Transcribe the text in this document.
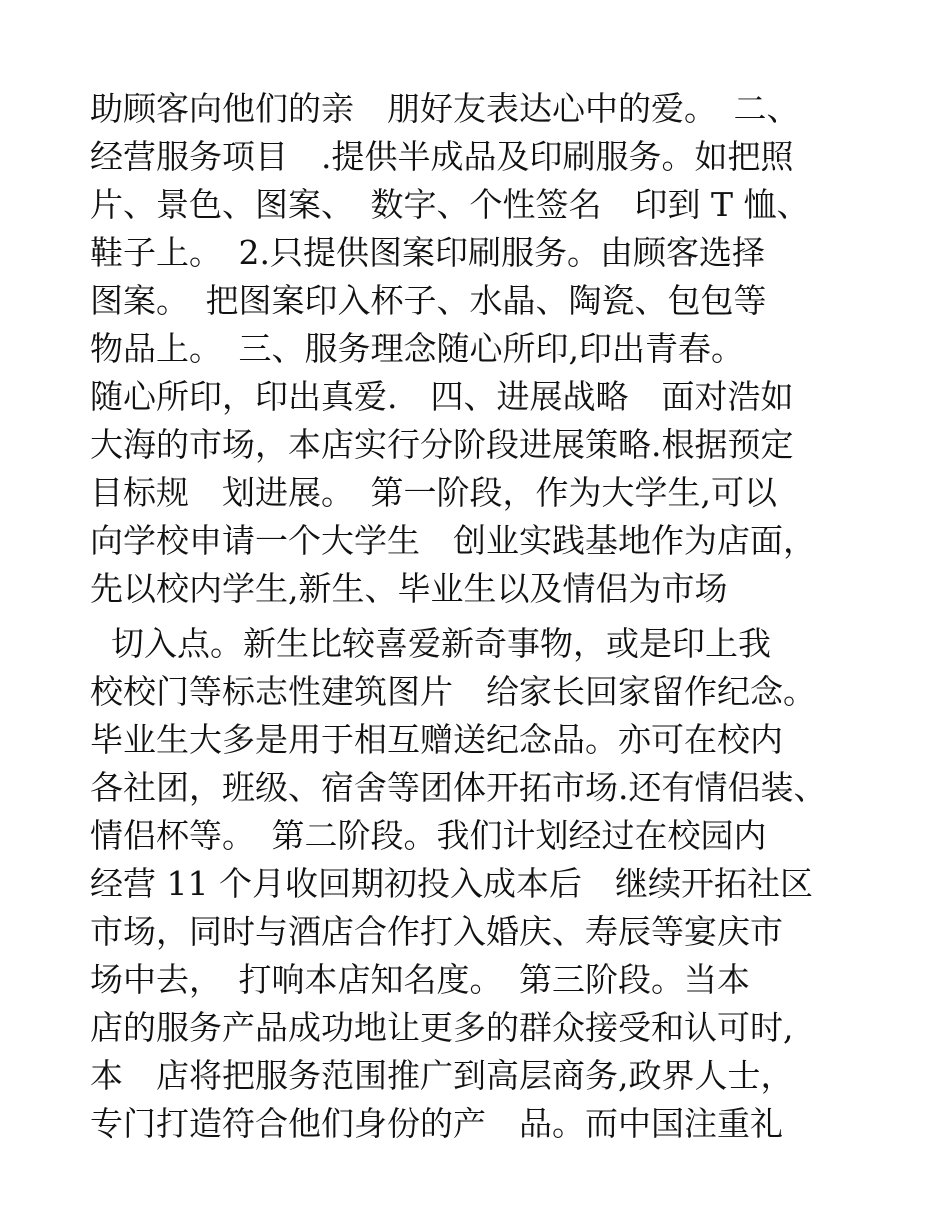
助顾客向他们的亲　朋好友表达心中的爱。　二、
经营服务项目　.提供半成品及印刷服务。如把照
片、景色、图案、　数字、个性签名　印到 T 恤、
鞋子上。　2.只提供图案印刷服务。由顾客选择
图案。　把图案印入杯子、水晶、陶瓷、包包等
物品上。　三、服务理念随心所印,印出青春。
随心所印，印出真爱.　四、进展战略　面对浩如
大海的市场，本店实行分阶段进展策略.根据预定
目标规　划进展。　第一阶段，作为大学生,可以
向学校申请一个大学生　创业实践基地作为店面，
先以校内学生,新生、毕业生以及情侣为市场
切入点。新生比较喜爱新奇事物，或是印上我
校校门等标志性建筑图片　给家长回家留作纪念。
毕业生大多是用于相互赠送纪念品。亦可在校内
各社团，班级、宿舍等团体开拓市场.还有情侣装、
情侣杯等。　第二阶段。我们计划经过在校园内
经营 11 个月收回期初投入成本后　继续开拓社区
市场，同时与酒店合作打入婚庆、寿辰等宴庆市
场中去，　打响本店知名度。　第三阶段。当本
店的服务产品成功地让更多的群众接受和认可时,
本　店将把服务范围推广到高层商务,政界人士，
专门打造符合他们身份的产　品。而中国注重礼
